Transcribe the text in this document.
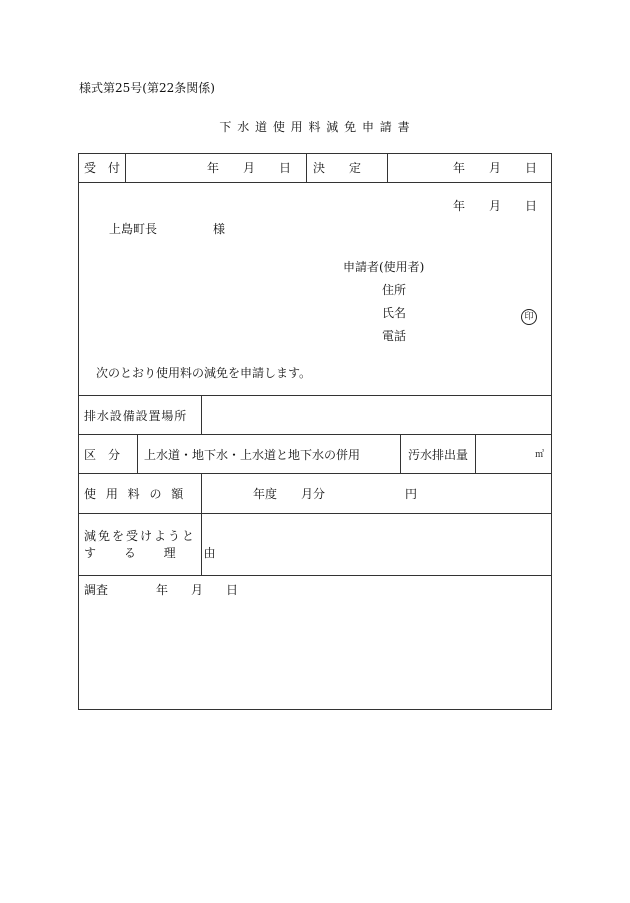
様式第25号(第22条関係)
下 水 道 使 用 料 減 免 申 請 書
受　付	年 月 日 決　　定	年 月 日
年 月 日
上島町長	様
申請者(使用者)
住所
氏名	印
電話
次のとおり使用料の減免を申請します。
排水設備設置場所
区　分 上水道・地下水・上水道と地下水の併用	汚水排出量	㎥
使 用 料 の 額	年度 月分	円
減免を受けようと
す る 理 由
調査	年 月 日
